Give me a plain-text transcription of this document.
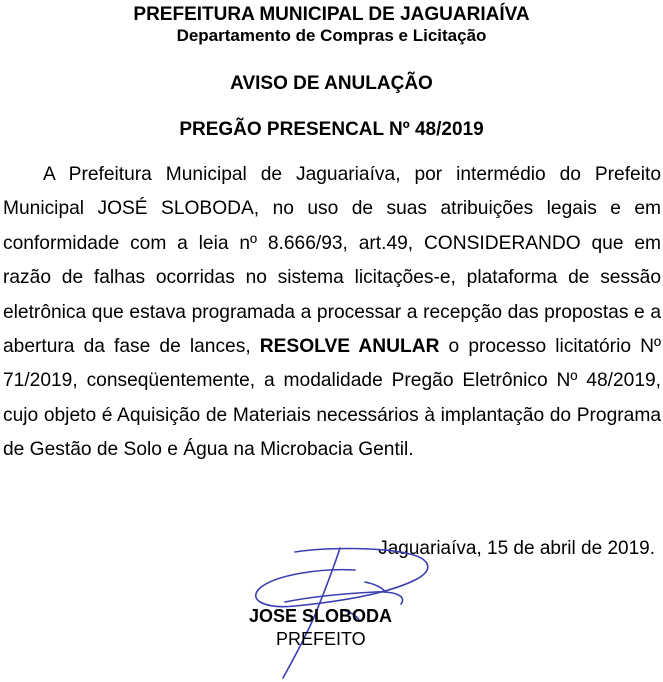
PREFEITURA MUNICIPAL DE JAGUARIAÍVA
Departamento de Compras e Licitação
AVISO DE ANULAÇÃO
PREGÃO PRESENCAL Nº 48/2019

A Prefeitura Municipal de Jaguariaíva, por intermédio do Prefeito Municipal JOSÉ SLOBODA, no uso de suas atribuições legais e em conformidade com a leia nº 8.666/93, art.49, CONSIDERANDO que em razão de falhas ocorridas no sistema licitações-e, plataforma de sessão eletrônica que estava programada a processar a recepção das propostas e a abertura da fase de lances, RESOLVE ANULAR o processo licitatório Nº 71/2019, conseqüentemente, a modalidade Pregão Eletrônico Nº 48/2019, cujo objeto é Aquisição de Materiais necessários à implantação do Programa de Gestão de Solo e Água na Microbacia Gentil.

Jaguariaíva, 15 de abril de 2019.
JOSE SLOBODA
PREFEITO
